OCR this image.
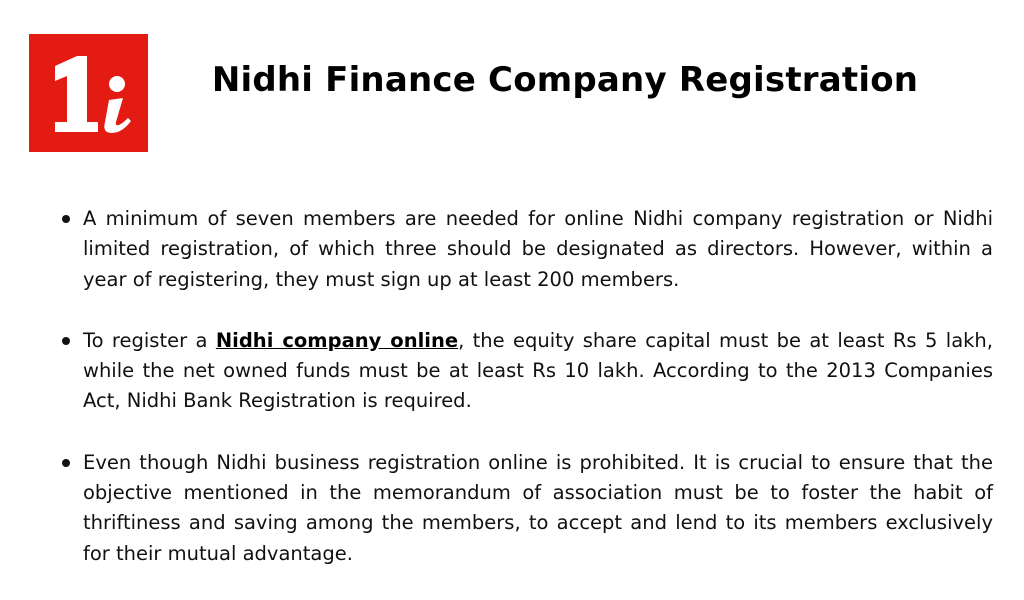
Nidhi Finance Company Registration
A minimum of seven members are needed for online Nidhi company registration or Nidhi limited registration, of which three should be designated as directors. However, within a year of registering, they must sign up at least 200 members.
To register a Nidhi company online, the equity share capital must be at least Rs 5 lakh, while the net owned funds must be at least Rs 10 lakh. According to the 2013 Companies Act, Nidhi Bank Registration is required.
Even though Nidhi business registration online is prohibited. It is crucial to ensure that the objective mentioned in the memorandum of association must be to foster the habit of thriftiness and saving among the members, to accept and lend to its members exclusively for their mutual advantage.
